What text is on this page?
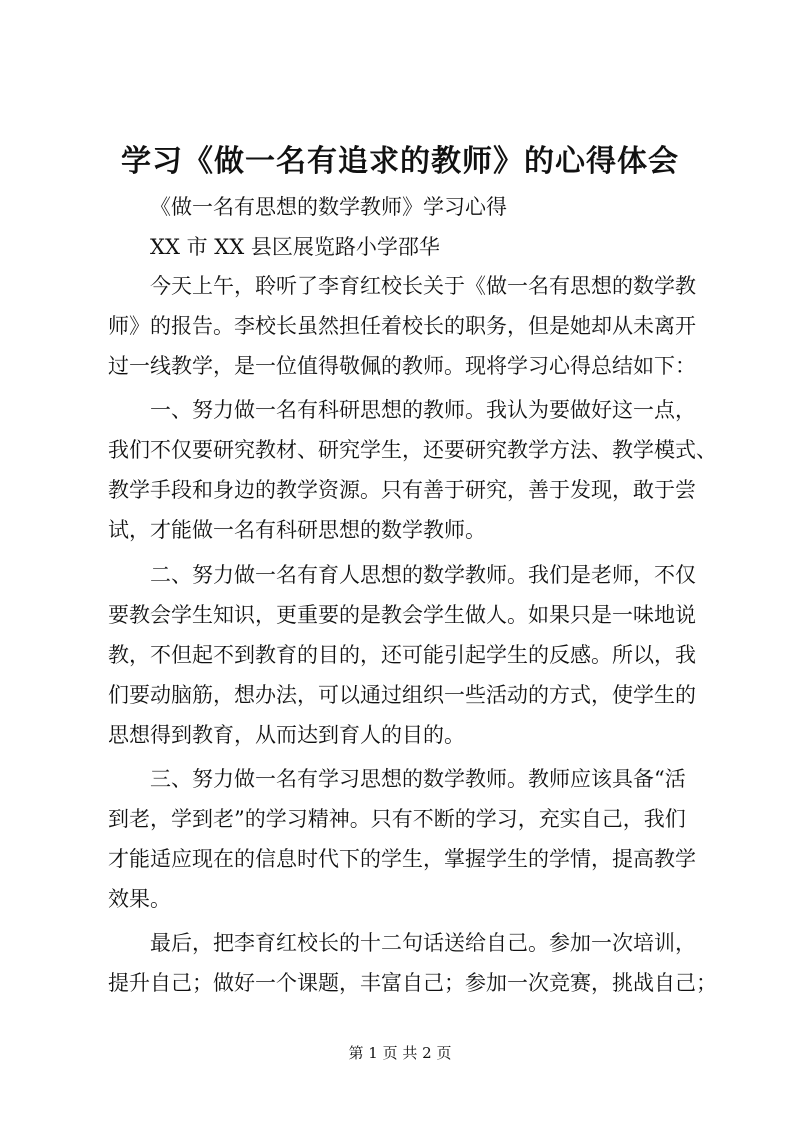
学习《做一名有追求的教师》的心得体会
《做一名有思想的数学教师》学习心得
XX 市 XX 县区展览路小学邵华
今天上午，聆听了李育红校长关于《做一名有思想的数学教
师》的报告。李校长虽然担任着校长的职务，但是她却从未离开
过一线教学，是一位值得敬佩的教师。现将学习心得总结如下：
一、努力做一名有科研思想的教师。我认为要做好这一点，
我们不仅要研究教材、研究学生，还要研究教学方法、教学模式、
教学手段和身边的教学资源。只有善于研究，善于发现，敢于尝
试，才能做一名有科研思想的数学教师。
二、努力做一名有育人思想的数学教师。我们是老师，不仅
要教会学生知识，更重要的是教会学生做人。如果只是一味地说
教，不但起不到教育的目的，还可能引起学生的反感。所以，我
们要动脑筋，想办法，可以通过组织一些活动的方式，使学生的
思想得到教育，从而达到育人的目的。
三、努力做一名有学习思想的数学教师。教师应该具备“活
到老，学到老”的学习精神。只有不断的学习，充实自己，我们
才能适应现在的信息时代下的学生，掌握学生的学情，提高教学
效果。
最后，把李育红校长的十二句话送给自己。参加一次培训，
提升自己；做好一个课题，丰富自己；参加一次竞赛，挑战自己；
第 1 页 共 2 页
